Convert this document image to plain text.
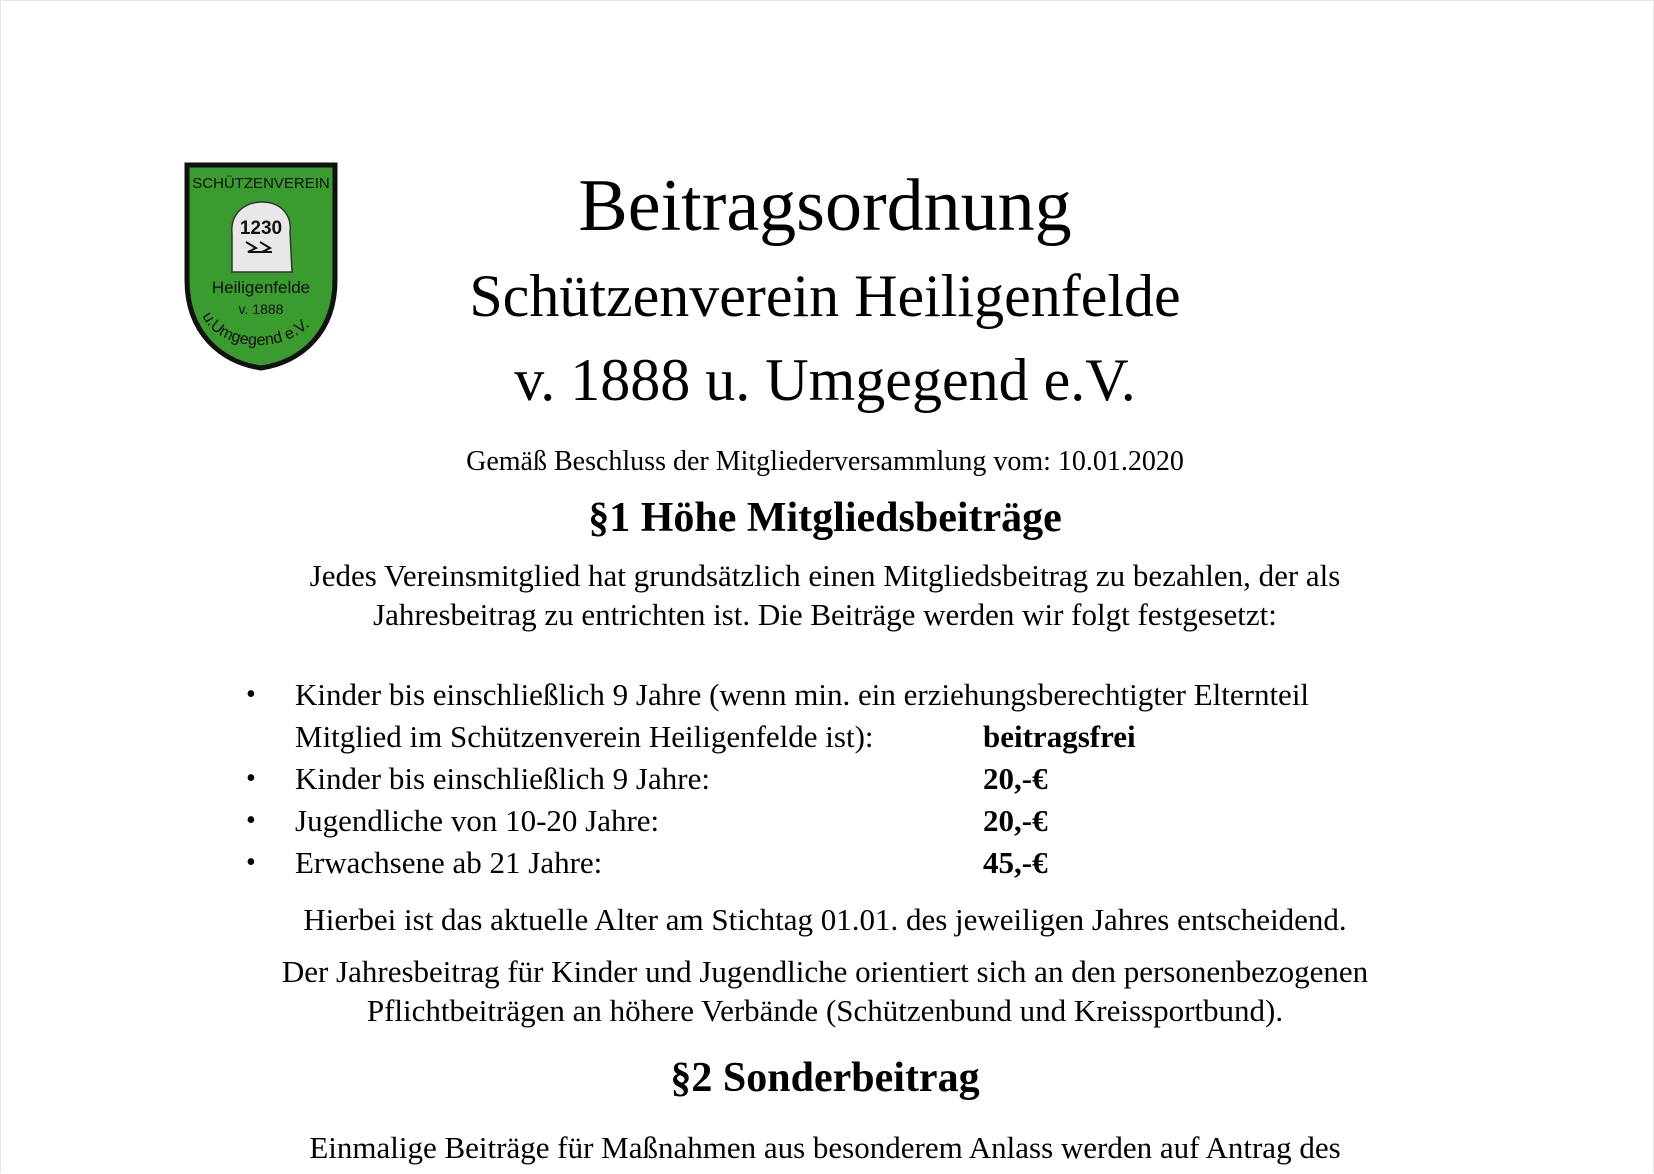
SCHÜTZENVEREIN
1230
Heiligenfelde
v. 1888
u.Umgegend e.V.
Beitragsordnung
Schützenverein Heiligenfelde
v. 1888 u. Umgegend e.V.
Gemäß Beschluss der Mitgliederversammlung vom: 10.01.2020
§1 Höhe Mitgliedsbeiträge

Jedes Vereinsmitglied hat grundsätzlich einen Mitgliedsbeitrag zu bezahlen, der als
Jahresbeitrag zu entrichten ist. Die Beiträge werden wir folgt festgesetzt:

• Kinder bis einschließlich 9 Jahre (wenn min. ein erziehungsberechtigter Elternteil
Mitglied im Schützenverein Heiligenfelde ist):	beitragsfrei
• Kinder bis einschließlich 9 Jahre:	20,-€
• Jugendliche von 10-20 Jahre:	20,-€
• Erwachsene ab 21 Jahre:	45,-€

Hierbei ist das aktuelle Alter am Stichtag 01.01. des jeweiligen Jahres entscheidend.

Der Jahresbeitrag für Kinder und Jugendliche orientiert sich an den personenbezogenen
Pflichtbeiträgen an höhere Verbände (Schützenbund und Kreissportbund).

§2 Sonderbeitrag

Einmalige Beiträge für Maßnahmen aus besonderem Anlass werden auf Antrag des
